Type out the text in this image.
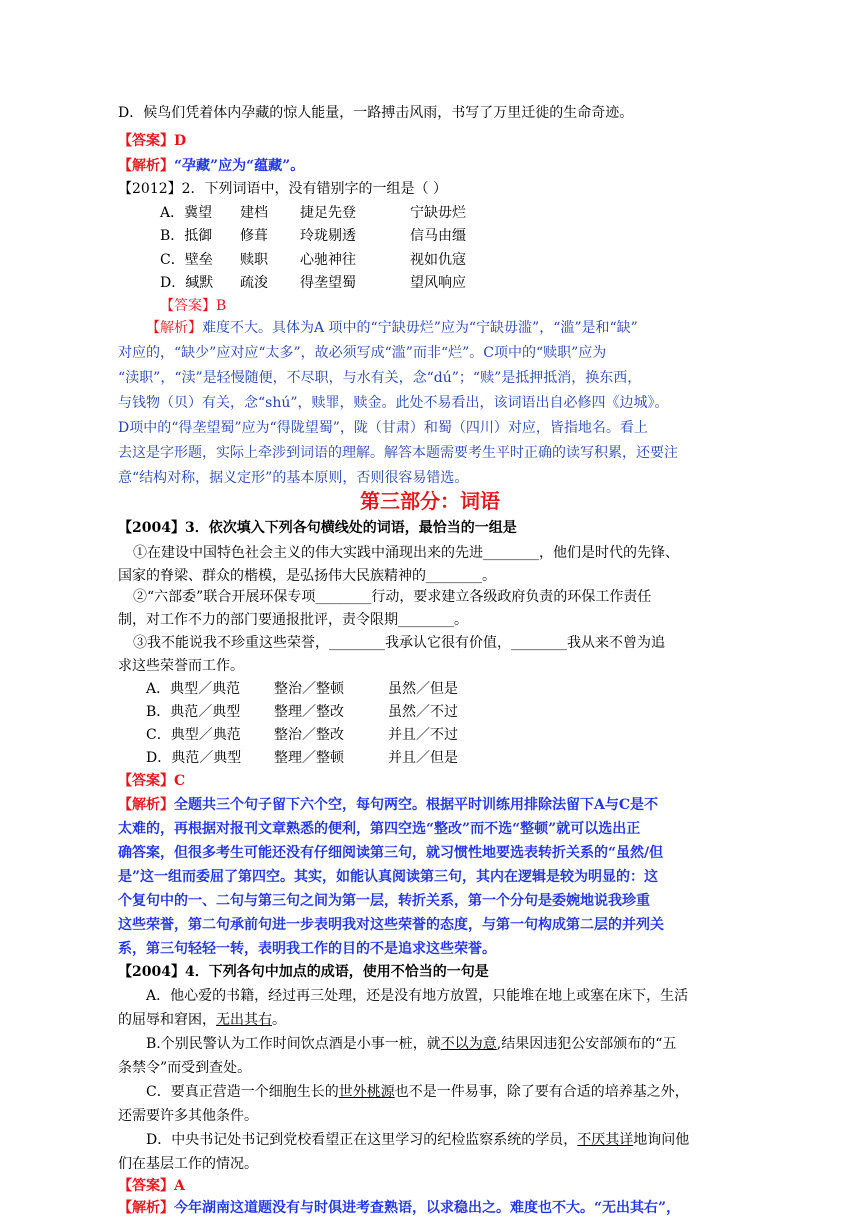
D．候鸟们凭着体内孕藏的惊人能量，一路搏击风雨，书写了万里迁徙的生命奇迹。
【答案】D
【解析】“孕藏”应为“蕴藏”。
【2012】2．下列词语中，没有错别字的一组是（ ）
A．冀望 建档 捷足先登	宁缺毋烂
B．抵御 修葺 玲珑剔透	信马由缰
C．壁垒 赎职 心驰神往	视如仇寇
D．缄默 疏浚 得垄望蜀	望风响应
【答案】B
【解析】难度不大。具体为A 项中的“宁缺毋烂”应为“宁缺毋滥”，“滥”是和“缺”
对应的，“缺少”应对应“太多”，故必须写成“滥”而非“烂”。C项中的“赎职”应为
“渎职”，“渎”是轻慢随便，不尽职，与水有关，念“dú”；“赎”是抵押抵消，换东西，
与钱物（贝）有关，念“shú”，赎罪，赎金。此处不易看出，该词语出自必修四《边城》。
D项中的“得垄望蜀”应为“得陇望蜀”，陇（甘肃）和蜀（四川）对应，皆指地名。看上
去这是字形题，实际上牵涉到词语的理解。解答本题需要考生平时正确的读写积累，还要注
意“结构对称，据义定形”的基本原则，否则很容易错选。
第三部分：词语
【2004】3．依次填入下列各句横线处的词语，最恰当的一组是
①在建设中国特色社会主义的伟大实践中涌现出来的先进________，他们是时代的先锋、
国家的脊梁、群众的楷模，是弘扬伟大民族精神的________。
②“六部委”联合开展环保专项________行动，要求建立各级政府负责的环保工作责任
制，对工作不力的部门要通报批评，责令限期________。
③我不能说我不珍重这些荣誉，________我承认它很有价值，________我从来不曾为追
求这些荣誉而工作。
A．典型／典范 整治／整顿	虽然／但是
B．典范／典型 整理／整改	虽然／不过
C．典型／典范 整治／整改	并且／不过
D．典范／典型 整理／整顿	并且／但是
【答案】C
【解析】全题共三个句子留下六个空，每句两空。根据平时训练用排除法留下A与C是不
太难的，再根据对报刊文章熟悉的便利，第四空选“整改”而不选“整顿”就可以选出正
确答案，但很多考生可能还没有仔细阅读第三句，就习惯性地要选表转折关系的“虽然/但
是”这一组而委屈了第四空。其实，如能认真阅读第三句，其内在逻辑是较为明显的：这
个复句中的一、二句与第三句之间为第一层，转折关系，第一个分句是委婉地说我珍重
这些荣誉，第二句承前句进一步表明我对这些荣誉的态度，与第一句构成第二层的并列关
系，第三句轻轻一转，表明我工作的目的不是追求这些荣誉。
【2004】4．下列各句中加点的成语，使用不恰当的一句是
A．他心爱的书籍，经过再三处理，还是没有地方放置，只能堆在地上或塞在床下，生活
的屈辱和窘困，无出其右。
B.个别民警认为工作时间饮点酒是小事一桩，就不以为意,结果因违犯公安部颁布的“五
条禁令”而受到查处。
C．要真正营造一个细胞生长的世外桃源也不是一件易事，除了要有合适的培养基之外，
还需要许多其他条件。
D．中央书记处书记到党校看望正在这里学习的纪检监察系统的学员，不厌其详地询问他
们在基层工作的情况。
【答案】A
【解析】今年湖南这道题没有与时俱进考查熟语，以求稳出之。难度也不大。“无出其右”，
